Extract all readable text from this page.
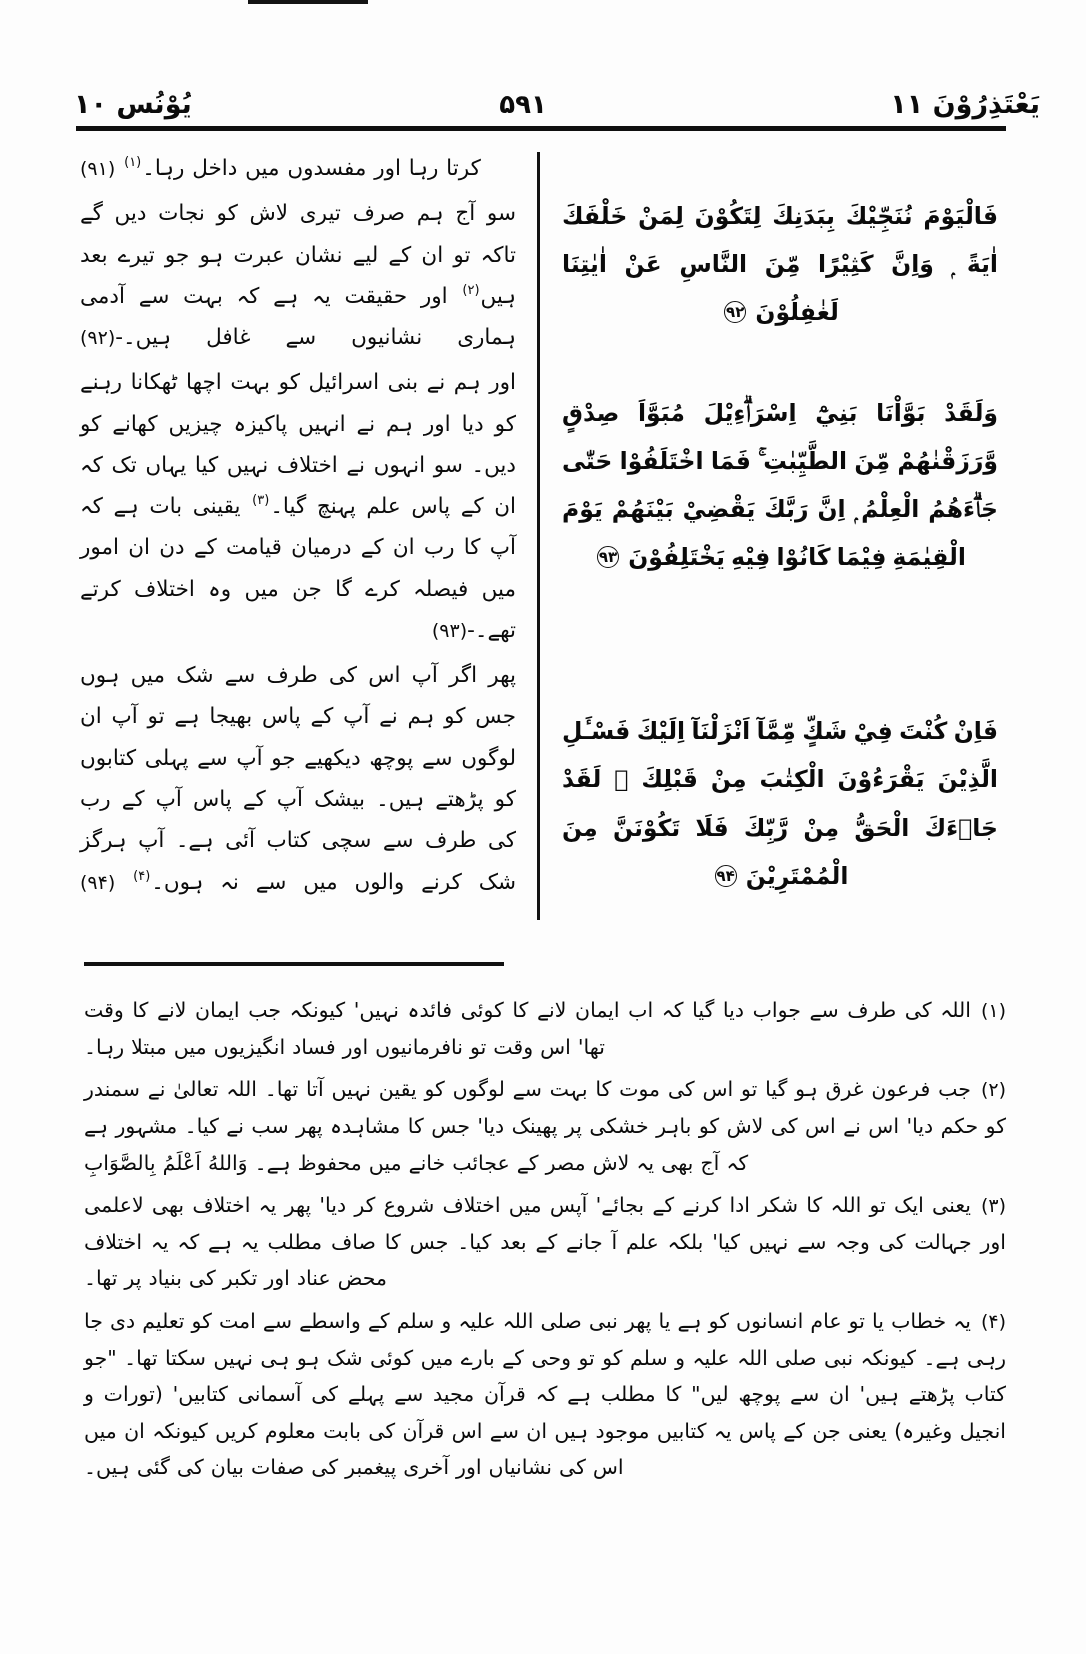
يَعْتَذِرُوْنَ ١١
۵۹۱
يُوْنُس ١٠

فَالْيَوْمَ نُنَجِّيْكَ بِبَدَنِكَ لِتَكُوْنَ لِمَنْ خَلْفَكَ اٰيَةً ۭ وَاِنَّ كَثِيْرًا مِّنَ النَّاسِ عَنْ اٰيٰتِنَا لَغٰفِلُوْنَ ۹۲

وَلَقَدْ بَوَّاْنَا بَنِيْٓ اِسْرَاۗءِيْلَ مُبَوَّاَ صِدْقٍ وَّرَزَقْنٰهُمْ مِّنَ الطَّيِّبٰتِ ۚ فَمَا اخْتَلَفُوْا حَتّٰى جَاۗءَهُمُ الْعِلْمُ ۭ اِنَّ رَبَّكَ يَقْضِيْ بَيْنَهُمْ يَوْمَ الْقِيٰمَةِ فِيْمَا كَانُوْا فِيْهِ يَخْتَلِفُوْنَ ۹۳

فَاِنْ كُنْتَ فِيْ شَكٍّ مِّمَّآ اَنْزَلْنَآ اِلَيْكَ فَسْـَٔلِ الَّذِيْنَ يَقْرَءُوْنَ الْكِتٰبَ مِنْ قَبْلِكَ ۚ لَقَدْ جَاۗءَكَ الْحَقُّ مِنْ رَّبِّكَ فَلَا تَكُوْنَنَّ مِنَ الْمُمْتَرِيْنَ ۹۴

کرتا رہا اور مفسدوں میں داخل رہا۔$^{(۱)}$ (۹۱)

سو آج ہم صرف تیری لاش کو نجات دیں گے تاکہ تو ان کے لیے نشان عبرت ہو جو تیرے بعد ہیں$^{(۲)}$ اور حقیقت یہ ہے کہ بہت سے آدمی ہماری نشانیوں سے غافل ہیں۔-(۹۲)

اور ہم نے بنی اسرائیل کو بہت اچھا ٹھکانا رہنے کو دیا اور ہم نے انہیں پاکیزہ چیزیں کھانے کو دیں۔ سو انہوں نے اختلاف نہیں کیا یہاں تک کہ ان کے پاس علم پہنچ گیا۔$^{(۳)}$ یقینی بات ہے کہ آپ کا رب ان کے درمیان قیامت کے دن ان امور میں فیصلہ کرے گا جن میں وہ اختلاف کرتے تھے۔-(۹۳)

پھر اگر آپ اس کی طرف سے شک میں ہوں جس کو ہم نے آپ کے پاس بھیجا ہے تو آپ ان لوگوں سے پوچھ دیکھیے جو آپ سے پہلی کتابوں کو پڑھتے ہیں۔ بیشک آپ کے پاس آپ کے رب کی طرف سے سچی کتاب آئی ہے۔ آپ ہرگز شک کرنے والوں میں سے نہ ہوں۔$^{(۴)}$ (۹۴)

(۱)اللہ کی طرف سے جواب دیا گیا کہ اب ایمان لانے کا کوئی فائدہ نہیں' کیونکہ جب ایمان لانے کا وقت تھا' اس وقت تو نافرمانیوں اور فساد انگیزیوں میں مبتلا رہا۔

(۲)جب فرعون غرق ہو گیا تو اس کی موت کا بہت سے لوگوں کو یقین نہیں آتا تھا۔ اللہ تعالیٰ نے سمندر کو حکم دیا' اس نے اس کی لاش کو باہر خشکی پر پھینک دیا' جس کا مشاہدہ پھر سب نے کیا۔ مشہور ہے کہ آج بھی یہ لاش مصر کے عجائب خانے میں محفوظ ہے۔ وَاللهُ اَعْلَمُ بِالصَّوَابِ

(۳)یعنی ایک تو اللہ کا شکر ادا کرنے کے بجائے' آپس میں اختلاف شروع کر دیا' پھر یہ اختلاف بھی لاعلمی اور جہالت کی وجہ سے نہیں کیا' بلکہ علم آ جانے کے بعد کیا۔ جس کا صاف مطلب یہ ہے کہ یہ اختلاف محض عناد اور تکبر کی بنیاد پر تھا۔

(۴)یہ خطاب یا تو عام انسانوں کو ہے یا پھر نبی صلی اللہ علیہ و سلم کے واسطے سے امت کو تعلیم دی جا رہی ہے۔ کیونکہ نبی صلی اللہ علیہ و سلم کو تو وحی کے بارے میں کوئی شک ہو ہی نہیں سکتا تھا۔ "جو کتاب پڑھتے ہیں' ان سے پوچھ لیں" کا مطلب ہے کہ قرآن مجید سے پہلے کی آسمانی کتابیں' (تورات و انجیل وغیرہ) یعنی جن کے پاس یہ کتابیں موجود ہیں ان سے اس قرآن کی بابت معلوم کریں کیونکہ ان میں اس کی نشانیاں اور آخری پیغمبر کی صفات بیان کی گئی ہیں۔
